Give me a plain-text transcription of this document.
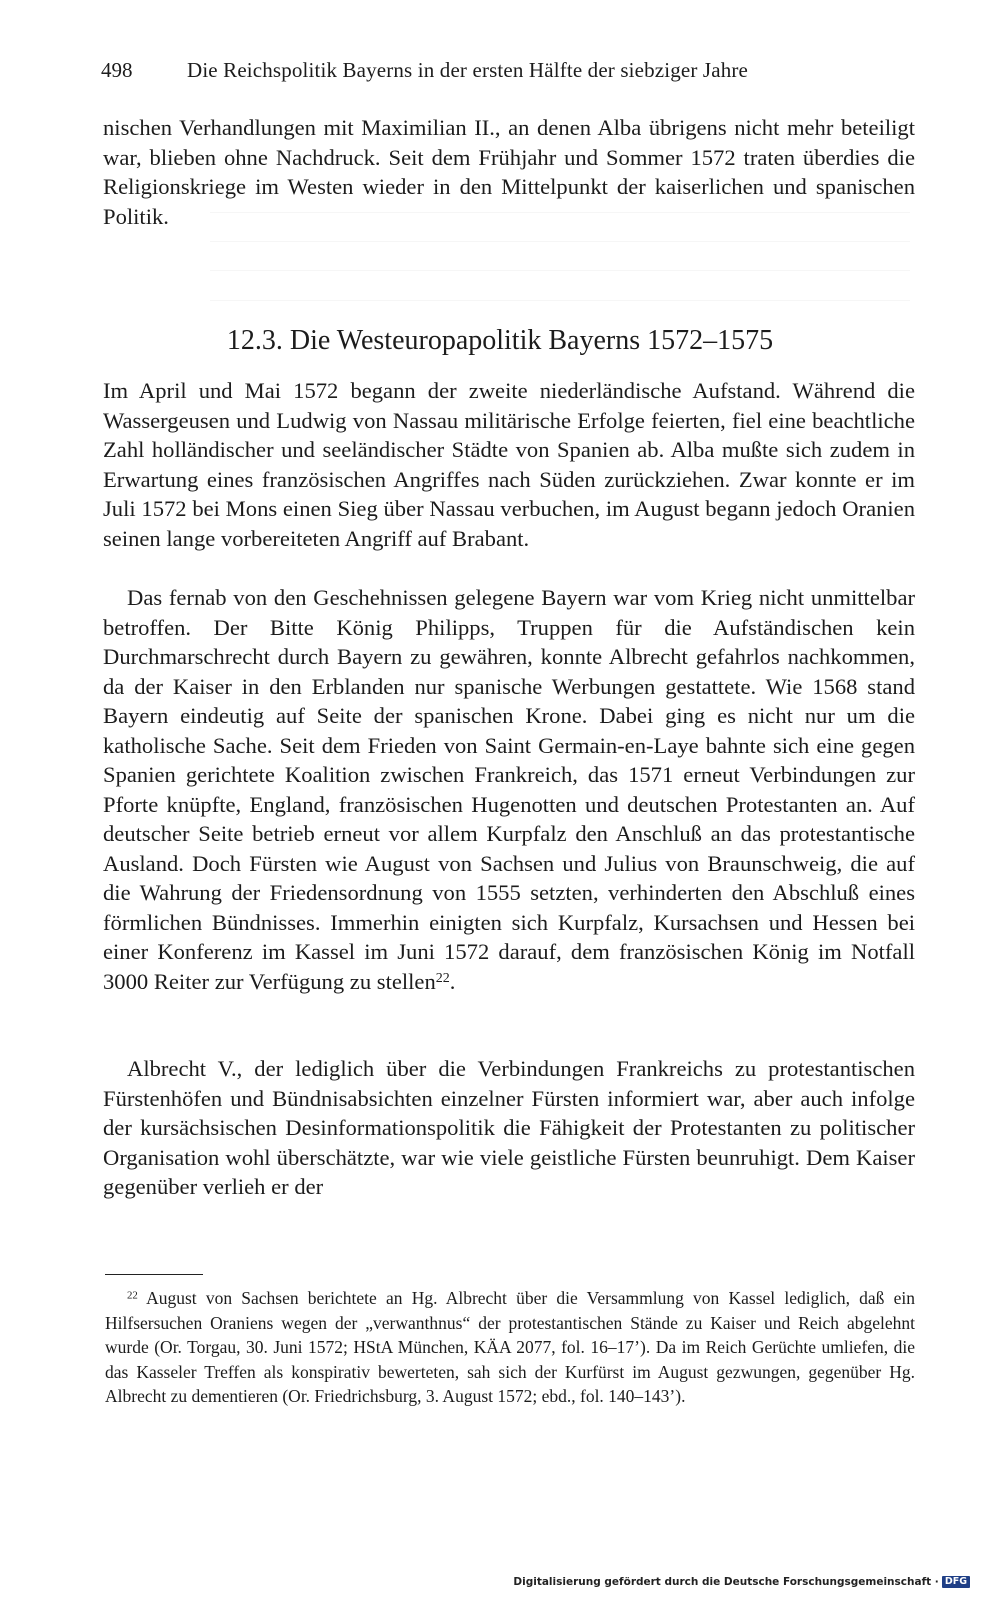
498	Die Reichspolitik Bayerns in der ersten Hälfte der siebziger Jahre

nischen Verhandlungen mit Maximilian II., an denen Alba übrigens nicht mehr beteiligt war, blieben ohne Nachdruck. Seit dem Frühjahr und Sommer 1572 traten überdies die Religionskriege im Westen wieder in den Mittelpunkt der kaiserlichen und spanischen Politik.

12.3. Die Westeuropapolitik Bayerns 1572–1575

Im April und Mai 1572 begann der zweite niederländische Aufstand. Während die Wassergeusen und Ludwig von Nassau militärische Erfolge feierten, fiel eine beachtliche Zahl holländischer und seeländischer Städte von Spanien ab. Alba mußte sich zudem in Erwartung eines französischen Angriffes nach Süden zurückziehen. Zwar konnte er im Juli 1572 bei Mons einen Sieg über Nassau verbuchen, im August begann jedoch Oranien seinen lange vorbereiteten Angriff auf Brabant.

Das fernab von den Geschehnissen gelegene Bayern war vom Krieg nicht unmittelbar betroffen. Der Bitte König Philipps, Truppen für die Aufständischen kein Durchmarschrecht durch Bayern zu gewähren, konnte Albrecht gefahrlos nachkommen, da der Kaiser in den Erblanden nur spanische Werbungen gestattete. Wie 1568 stand Bayern eindeutig auf Seite der spanischen Krone. Dabei ging es nicht nur um die katholische Sache. Seit dem Frieden von Saint Germain-en-Laye bahnte sich eine gegen Spanien gerichtete Koalition zwischen Frankreich, das 1571 erneut Verbindungen zur Pforte knüpfte, England, französischen Hugenotten und deutschen Protestanten an. Auf deutscher Seite betrieb erneut vor allem Kurpfalz den Anschluß an das protestantische Ausland. Doch Fürsten wie August von Sachsen und Julius von Braunschweig, die auf die Wahrung der Friedensordnung von 1555 setzten, verhinderten den Abschluß eines förmlichen Bündnisses. Immerhin einigten sich Kurpfalz, Kursachsen und Hessen bei einer Konferenz im Kassel im Juni 1572 darauf, dem französischen König im Notfall 3000 Reiter zur Verfügung zu stellen$^{22}$.

Albrecht V., der lediglich über die Verbindungen Frankreichs zu protestantischen Fürstenhöfen und Bündnisabsichten einzelner Fürsten informiert war, aber auch infolge der kursächsischen Desinformationspolitik die Fähigkeit der Protestanten zu politischer Organisation wohl überschätzte, war wie viele geistliche Fürsten beunruhigt. Dem Kaiser gegenüber verlieh er der

$^{22}$ August von Sachsen berichtete an Hg. Albrecht über die Versammlung von Kassel lediglich, daß ein Hilfsersuchen Oraniens wegen der „verwanthnus“ der protestantischen Stände zu Kaiser und Reich abgelehnt wurde (Or. Torgau, 30. Juni 1572; HStA München, KÄA 2077, fol. 16–17’). Da im Reich Gerüchte umliefen, die das Kasseler Treffen als konspirativ bewerteten, sah sich der Kurfürst im August gezwungen, gegenüber Hg. Albrecht zu dementieren (Or. Friedrichsburg, 3. August 1572; ebd., fol. 140–143’).

Digitalisierung gefördert durch die Deutsche Forschungsgemeinschaft · DFG
